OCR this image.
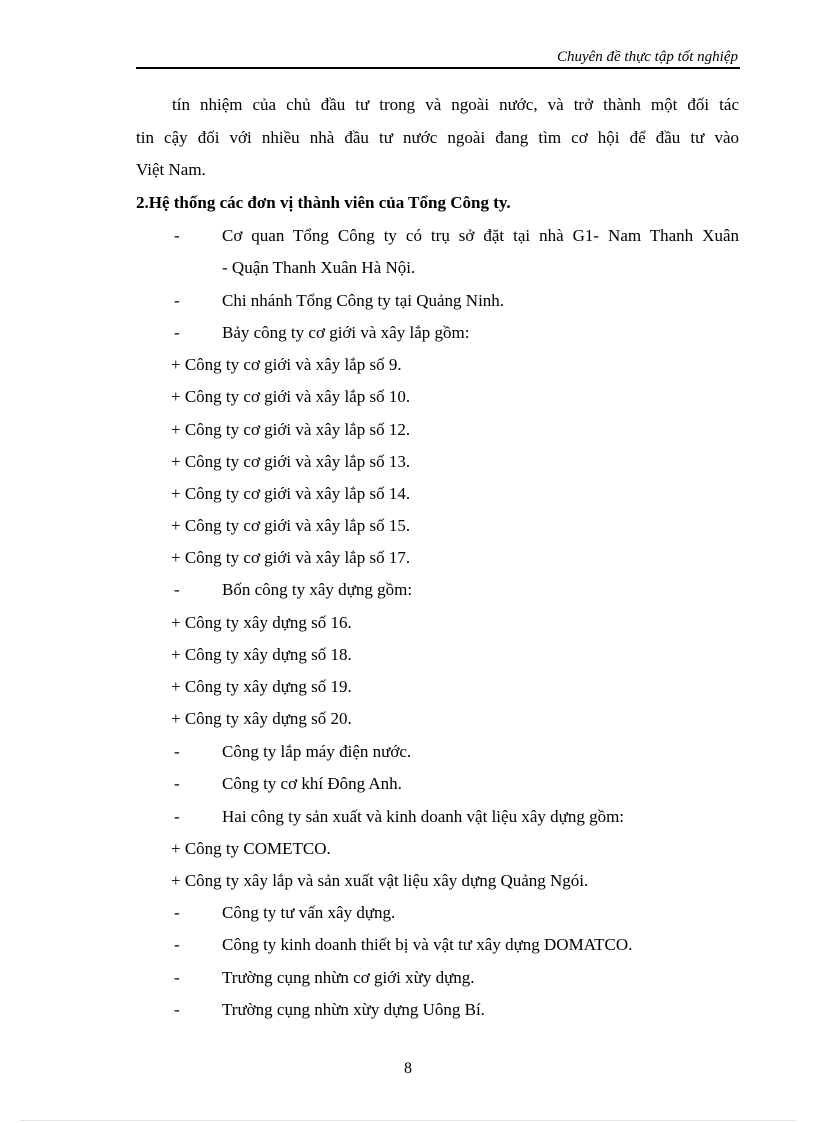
Chuyên đề thực tập tốt nghiệp
tín nhiệm của chủ đầu tư trong và ngoài nước, và trở thành một đối tác
tin cậy đối với nhiều nhà đầu tư nước ngoài đang tìm cơ hội để đầu tư vào
Việt Nam.
2.Hệ thống các đơn vị thành viên của Tổng Công ty.
- Cơ quan Tổng Công ty có trụ sở đặt tại nhà G1- Nam Thanh Xuân
- Quận Thanh Xuân Hà Nội.
- Chi nhánh Tổng Công ty tại Quảng Ninh.
- Bảy công ty cơ giới và xây lắp gồm:
+ Công ty cơ giới và xây lắp số 9.
+ Công ty cơ giới và xây lắp số 10.
+ Công ty cơ giới và xây lắp số 12.
+ Công ty cơ giới và xây lắp số 13.
+ Công ty cơ giới và xây lắp số 14.
+ Công ty cơ giới và xây lắp số 15.
+ Công ty cơ giới và xây lắp số 17.
- Bốn công ty xây dựng gồm:
+ Công ty xây dựng số 16.
+ Công ty xây dựng số 18.
+ Công ty xây dựng số 19.
+ Công ty xây dựng số 20.
- Công ty lắp máy điện nước.
- Công ty cơ khí Đông Anh.
- Hai công ty sản xuất và kinh doanh vật liệu xây dựng gồm:
+ Công ty COMETCO.
+ Công ty xây lắp và sản xuất vật liệu xây dựng Quảng Ngói.
- Công ty tư vấn xây dựng.
- Công ty kinh doanh thiết bị và vật tư xây dựng DOMATCO.
- Trường cụng nhừn cơ giới xừy dựng.
- Trường cụng nhừn xừy dựng Uông Bí.
8
